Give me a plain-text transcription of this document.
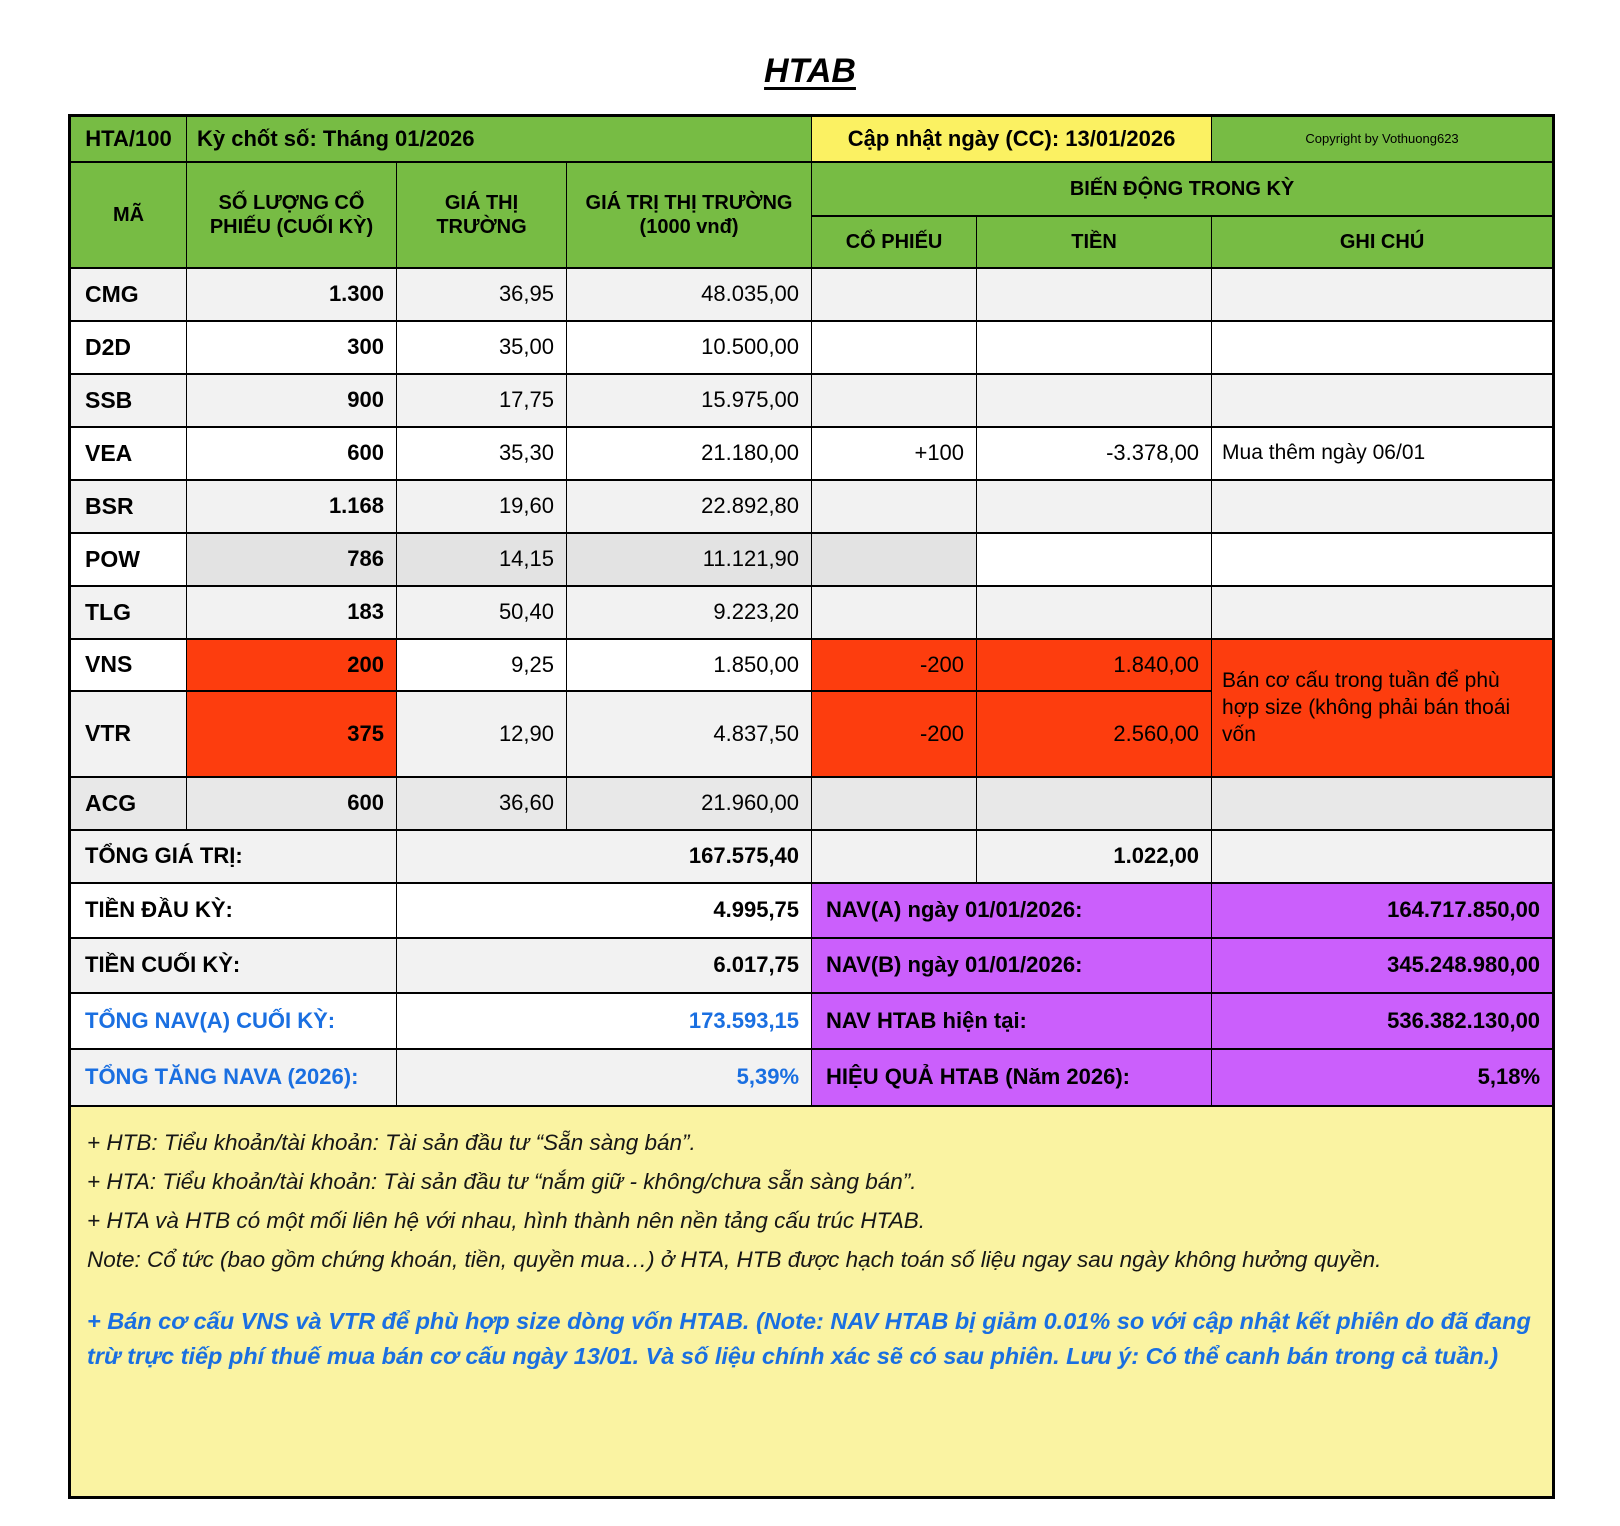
HTAB
HTA/100	Kỳ chốt số: Tháng 01/2026			Cập nhật ngày (CC): 13/01/2026		Copyright by Vothuong623
MÃ	SỐ LƯỢNG CỔ PHIẾU (CUỐI KỲ)	GIÁ THỊ TRƯỜNG	GIÁ TRỊ THỊ TRƯỜNG (1000 vnđ)	BIẾN ĐỘNG TRONG KỲ		
				CỔ PHIẾU	TIỀN	GHI CHÚ
CMG	1.300	36,95	48.035,00			
D2D	300	35,00	10.500,00			
SSB	900	17,75	15.975,00			
VEA	600	35,30	21.180,00	+100	-3.378,00	Mua thêm ngày 06/01
BSR	1.168	19,60	22.892,80			
POW	786	14,15	11.121,90			
TLG	183	50,40	9.223,20			
VNS	200	9,25	1.850,00	-200	1.840,00	Bán cơ cấu trong tuần để phù hợp size (không phải bán thoái vốn
VTR	375	12,90	4.837,50	-200	2.560,00	
ACG	600	36,60	21.960,00			
TỔNG GIÁ TRỊ:		167.575,40			1.022,00	
TIỀN ĐẦU KỲ:		4.995,75		NAV(A) ngày 01/01/2026:		164.717.850,00
TIỀN CUỐI KỲ:		6.017,75		NAV(B) ngày 01/01/2026:		345.248.980,00
TỔNG NAV(A) CUỐI KỲ:		173.593,15		NAV HTAB hiện tại:		536.382.130,00
TỔNG TĂNG NAVA (2026):		5,39%		HIỆU QUẢ HTAB (Năm 2026):		5,18%

+ HTB: Tiểu khoản/tài khoản: Tài sản đầu tư “Sẵn sàng bán”.
+ HTA: Tiểu khoản/tài khoản: Tài sản đầu tư “nắm giữ - không/chưa sẵn sàng bán”.
+ HTA và HTB có một mối liên hệ với nhau, hình thành nên nền tảng cấu trúc HTAB.
Note: Cổ tức (bao gồm chứng khoán, tiền, quyền mua…) ở HTA, HTB được hạch toán số liệu ngay sau ngày không hưởng quyền.
+ Bán cơ cấu VNS và VTR để phù hợp size dòng vốn HTAB. (Note: NAV HTAB bị giảm 0.01% so với cập nhật kết phiên do đã đang trừ trực tiếp phí thuế mua bán cơ cấu ngày 13/01. Và số liệu chính xác sẽ có sau phiên. Lưu ý: Có thể canh bán trong cả tuần.)						
